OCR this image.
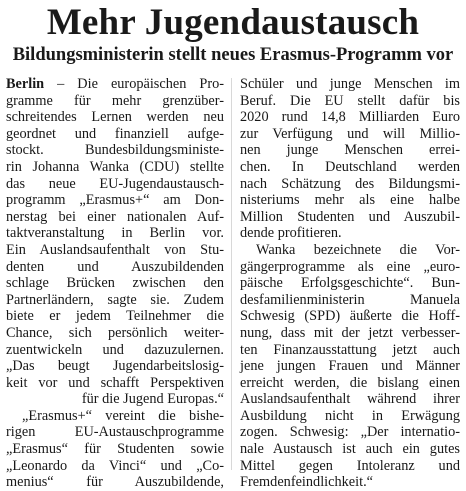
Mehr Jugendaustausch
Bildungsministerin stellt neues Erasmus-Programm vor
Berlin – Die europäischen Pro-
gramme für mehr grenzüber-
schreitendes Lernen werden neu
geordnet und finanziell aufge-
stockt. Bundesbildungsministe-
rin Johanna Wanka (CDU) stellte
das neue EU-Jugendaustausch-
programm „Erasmus+“ am Don-
nerstag bei einer nationalen Auf-
taktveranstaltung in Berlin vor.
Ein Auslandsaufenthalt von Stu-
denten und Auszubildenden
schlage Brücken zwischen den
Partnerländern, sagte sie. Zudem
biete er jedem Teilnehmer die
Chance, sich persönlich weiter-
zuentwickeln und dazuzulernen.
„Das beugt Jugendarbeitslosig-
keit vor und schafft Perspektiven
für die Jugend Europas.“
„Erasmus+“ vereint die bishe-
rigen EU-Austauschprogramme
„Erasmus“ für Studenten sowie
„Leonardo da Vinci“ und „Co-
menius“ für Auszubildende,
Schüler und junge Menschen im
Beruf. Die EU stellt dafür bis
2020 rund 14,8 Milliarden Euro
zur Verfügung und will Millio-
nen junge Menschen errei-
chen. In Deutschland werden
nach Schätzung des Bildungsmi-
nisteriums mehr als eine halbe
Million Studenten und Auszubil-
dende profitieren.
Wanka bezeichnete die Vor-
gängerprogramme als eine „euro-
päische Erfolgsgeschichte“. Bun-
desfamilienministerin Manuela
Schwesig (SPD) äußerte die Hoff-
nung, dass mit der jetzt verbesser-
ten Finanzausstattung jetzt auch
jene jungen Frauen und Männer
erreicht werden, die bislang einen
Auslandsaufenthalt während ihrer
Ausbildung nicht in Erwägung
zogen. Schwesig: „Der internatio-
nale Austausch ist auch ein gutes
Mittel gegen Intoleranz und
Fremdenfeindlichkeit.“
